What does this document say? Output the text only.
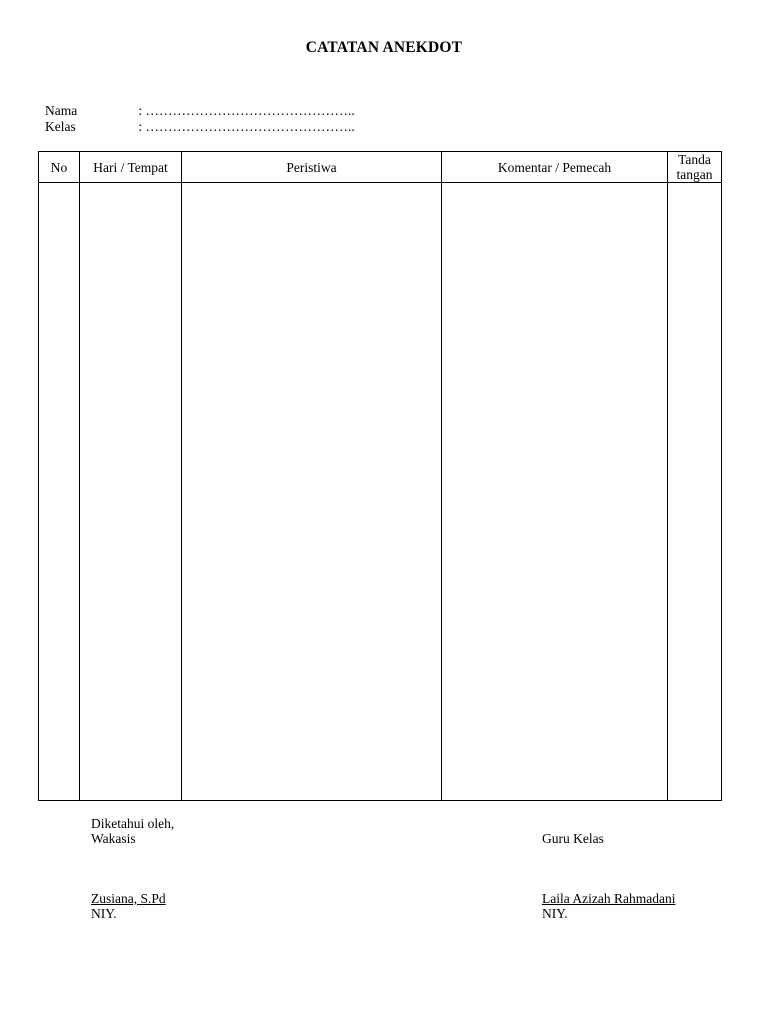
CATATAN ANEKDOT
Nama	: ………………………………………..
Kelas	: ………………………………………..
No	Hari / Tempat	Peristiwa	Komentar / Pemecah	Tanda
tangan

Diketahui oleh,
Wakasis
Zusiana, S.Pd
NIY.
Guru Kelas
Laila Azizah Rahmadani
NIY.
